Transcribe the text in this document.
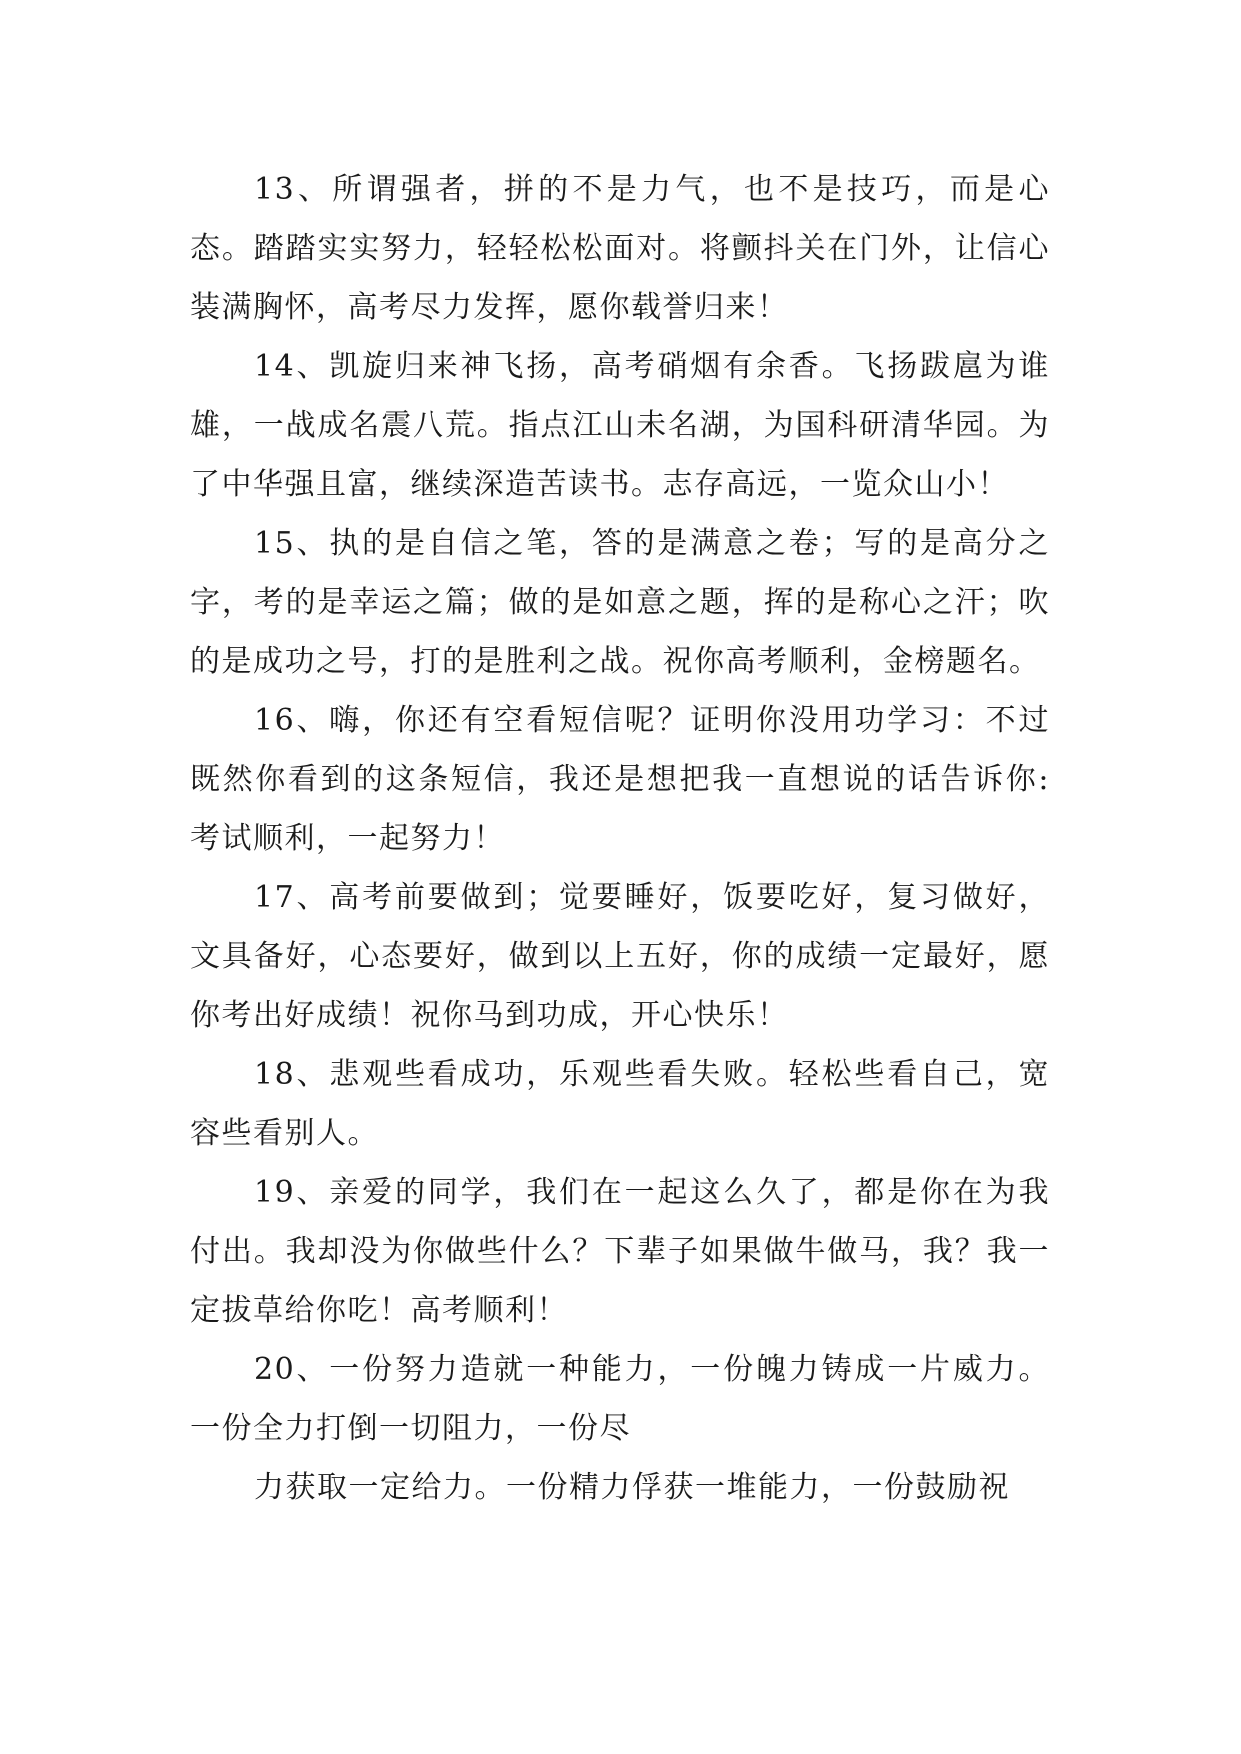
13、所谓强者，拼的不是力气，也不是技巧，而是心态。踏踏实实努力，轻轻松松面对。将颤抖关在门外，让信心装满胸怀，高考尽力发挥，愿你载誉归来！

14、凯旋归来神飞扬，高考硝烟有余香。飞扬跋扈为谁雄，一战成名震八荒。指点江山未名湖，为国科研清华园。为了中华强且富，继续深造苦读书。志存高远，一览众山小！

15、执的是自信之笔，答的是满意之卷；写的是高分之字，考的是幸运之篇；做的是如意之题，挥的是称心之汗；吹的是成功之号，打的是胜利之战。祝你高考顺利，金榜题名。

16、嗨，你还有空看短信呢？证明你没用功学习：不过既然你看到的这条短信，我还是想把我一直想说的话告诉你:考试顺利，一起努力！

17、高考前要做到；觉要睡好，饭要吃好，复习做好，文具备好，心态要好，做到以上五好，你的成绩一定最好，愿你考出好成绩！祝你马到功成，开心快乐！

18、悲观些看成功，乐观些看失败。轻松些看自己，宽容些看别人。

19、亲爱的同学，我们在一起这么久了，都是你在为我付出。我却没为你做些什么？下辈子如果做牛做马，我？我一定拔草给你吃！高考顺利！

20、一份努力造就一种能力，一份魄力铸成一片威力。一份全力打倒一切阻力，一份尽

力获取一定给力。一份精力俘获一堆能力，一份鼓励祝
